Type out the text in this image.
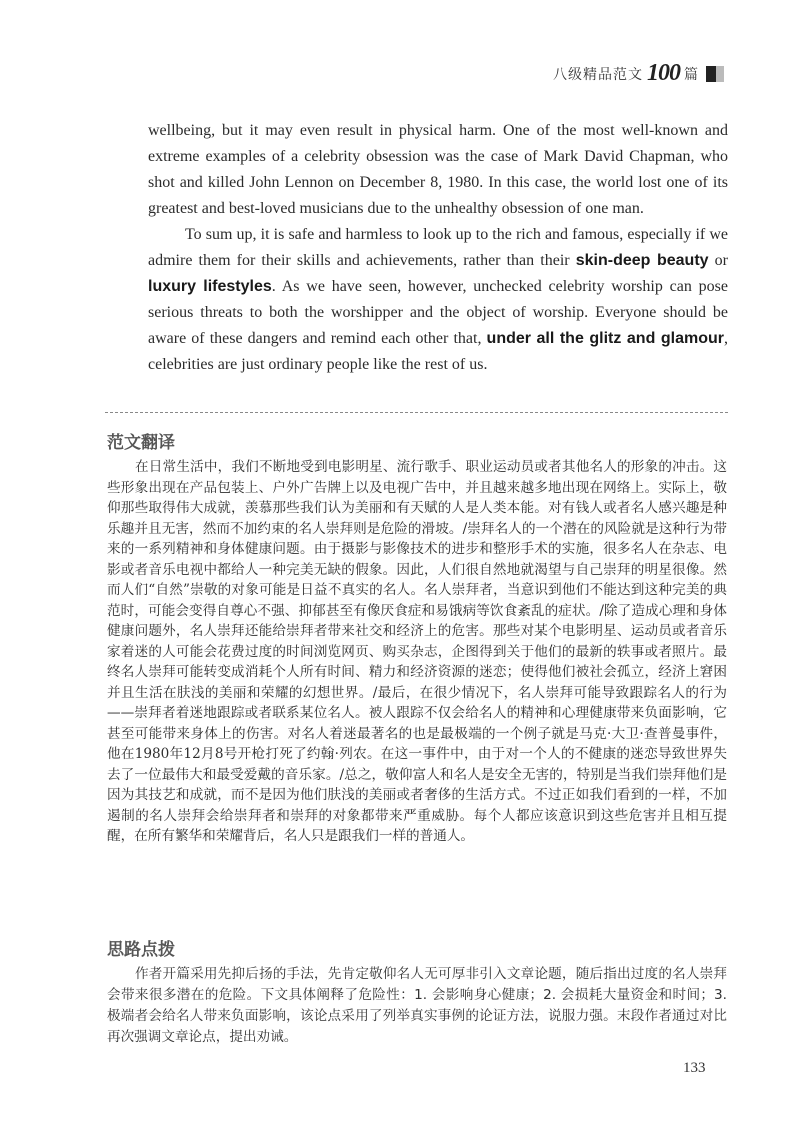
八级精品范文 100 篇

wellbeing, but it may even result in physical harm. One of the most well-known and extreme examples of a celebrity obsession was the case of Mark David Chapman, who shot and killed John Lennon on December 8, 1980. In this case, the world lost one of its greatest and best-loved musicians due to the unhealthy obsession of one man.

To sum up, it is safe and harmless to look up to the rich and famous, especially if we admire them for their skills and achievements, rather than their skin-deep beauty or luxury lifestyles. As we have seen, however, unchecked celebrity worship can pose serious threats to both the worshipper and the object of worship. Everyone should be aware of these dangers and remind each other that, under all the glitz and glamour, celebrities are just ordinary people like the rest of us.

范文翻译
在日常生活中，我们不断地受到电影明星、流行歌手、职业运动员或者其他名人的形象的冲击。这些形象出现在产品包装上、户外广告牌上以及电视广告中，并且越来越多地出现在网络上。实际上，敬仰那些取得伟大成就，羡慕那些我们认为美丽和有天赋的人是人类本能。对有钱人或者名人感兴趣是种乐趣并且无害，然而不加约束的名人崇拜则是危险的滑坡。/崇拜名人的一个潜在的风险就是这种行为带来的一系列精神和身体健康问题。由于摄影与影像技术的进步和整形手术的实施，很多名人在杂志、电影或者音乐电视中都给人一种完美无缺的假象。因此，人们很自然地就渴望与自己崇拜的明星很像。然而人们“自然”崇敬的对象可能是日益不真实的名人。名人崇拜者，当意识到他们不能达到这种完美的典范时，可能会变得自尊心不强、抑郁甚至有像厌食症和易饿病等饮食紊乱的症状。/除了造成心理和身体健康问题外，名人崇拜还能给崇拜者带来社交和经济上的危害。那些对某个电影明星、运动员或者音乐家着迷的人可能会花费过度的时间浏览网页、购买杂志，企图得到关于他们的最新的轶事或者照片。最终名人崇拜可能转变成消耗个人所有时间、精力和经济资源的迷恋；使得他们被社会孤立，经济上窘困并且生活在肤浅的美丽和荣耀的幻想世界。/最后，在很少情况下，名人崇拜可能导致跟踪名人的行为——崇拜者着迷地跟踪或者联系某位名人。被人跟踪不仅会给名人的精神和心理健康带来负面影响，它甚至可能带来身体上的伤害。对名人着迷最著名的也是最极端的一个例子就是马克·大卫·查普曼事件，他在1980年12月8号开枪打死了约翰·列农。在这一事件中，由于对一个人的不健康的迷恋导致世界失去了一位最伟大和最受爱戴的音乐家。/总之，敬仰富人和名人是安全无害的，特别是当我们崇拜他们是因为其技艺和成就，而不是因为他们肤浅的美丽或者奢侈的生活方式。不过正如我们看到的一样，不加遏制的名人崇拜会给崇拜者和崇拜的对象都带来严重威胁。每个人都应该意识到这些危害并且相互提醒，在所有繁华和荣耀背后，名人只是跟我们一样的普通人。
思路点拨
作者开篇采用先抑后扬的手法，先肯定敬仰名人无可厚非引入文章论题，随后指出过度的名人崇拜会带来很多潜在的危险。下文具体阐释了危险性：1. 会影响身心健康；2. 会损耗大量资金和时间；3. 极端者会给名人带来负面影响，该论点采用了列举真实事例的论证方法，说服力强。末段作者通过对比再次强调文章论点，提出劝诫。
133
